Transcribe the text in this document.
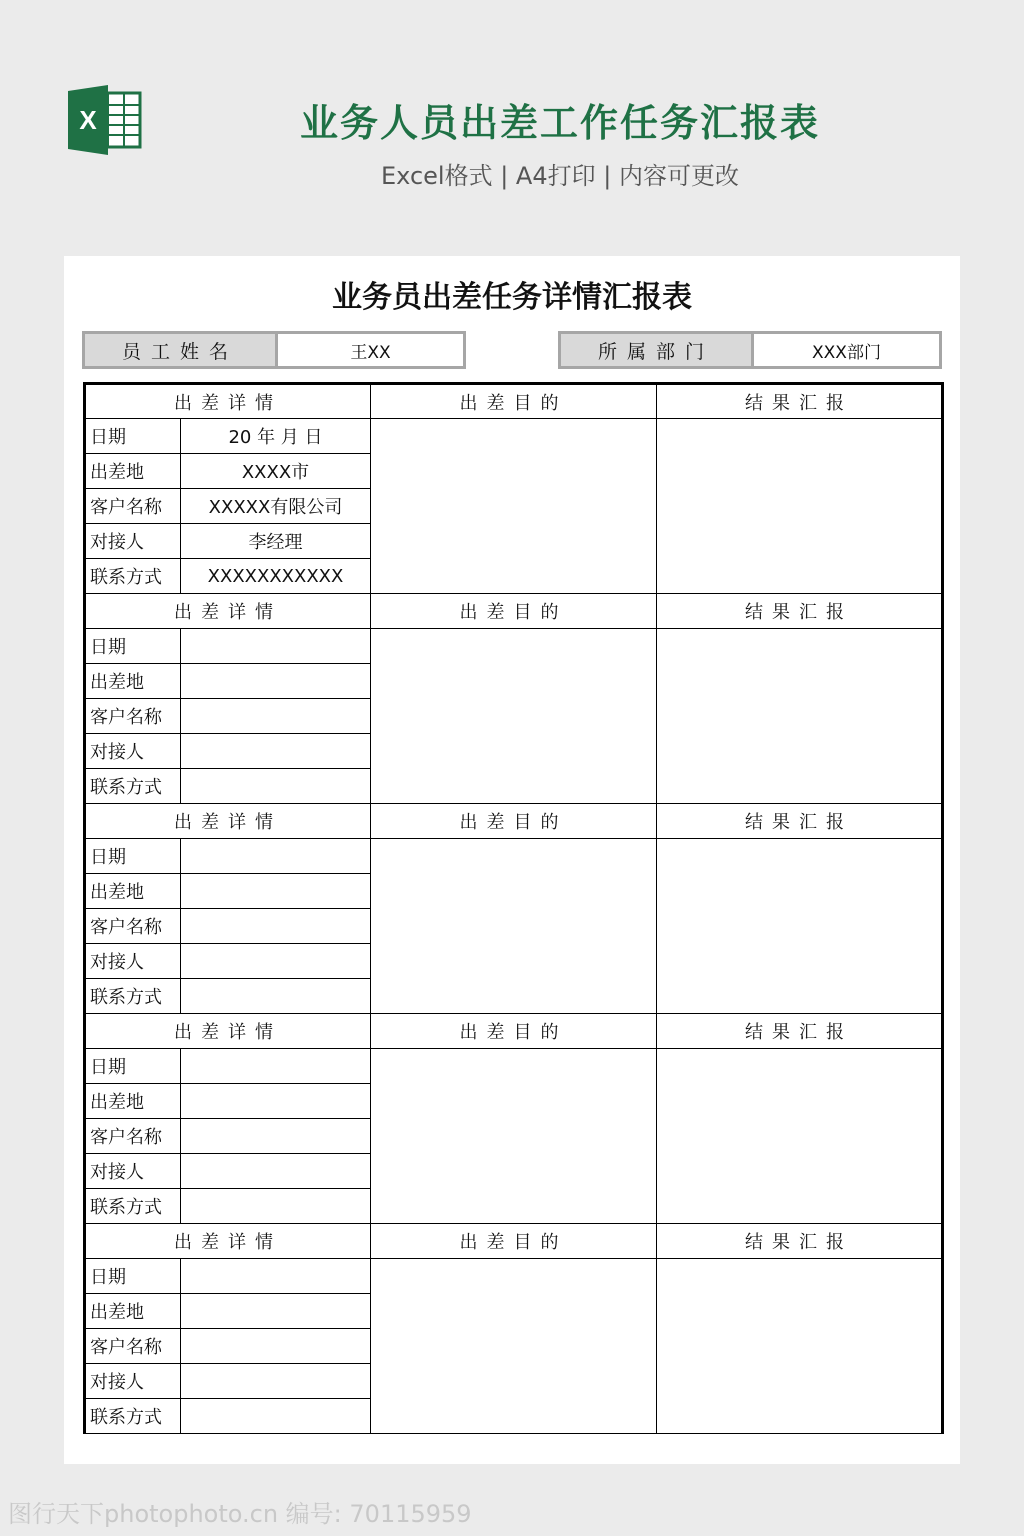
X	业务人员出差工作任务汇报表
Excel格式 | A4打印 | 内容可更改
业务员出差任务详情汇报表
员工姓名	王XX	所属部门	XXX部门
出差详情		出差目的	结果汇报
日期	20 年 月 日		
出差地	XXXX市		
客户名称	XXXXX有限公司		
对接人	李经理		
联系方式	XXXXXXXXXXX		
出差详情		出差目的	结果汇报
日期			
出差地			
客户名称			
对接人			
联系方式			
出差详情		出差目的	结果汇报
日期			
出差地			
客户名称			
对接人			
联系方式			
出差详情		出差目的	结果汇报
日期			
出差地			
客户名称			
对接人			
联系方式			
出差详情		出差目的	结果汇报
日期			
出差地			
客户名称			
对接人			
联系方式			
图行天下photophoto.cn 编号: 70115959
